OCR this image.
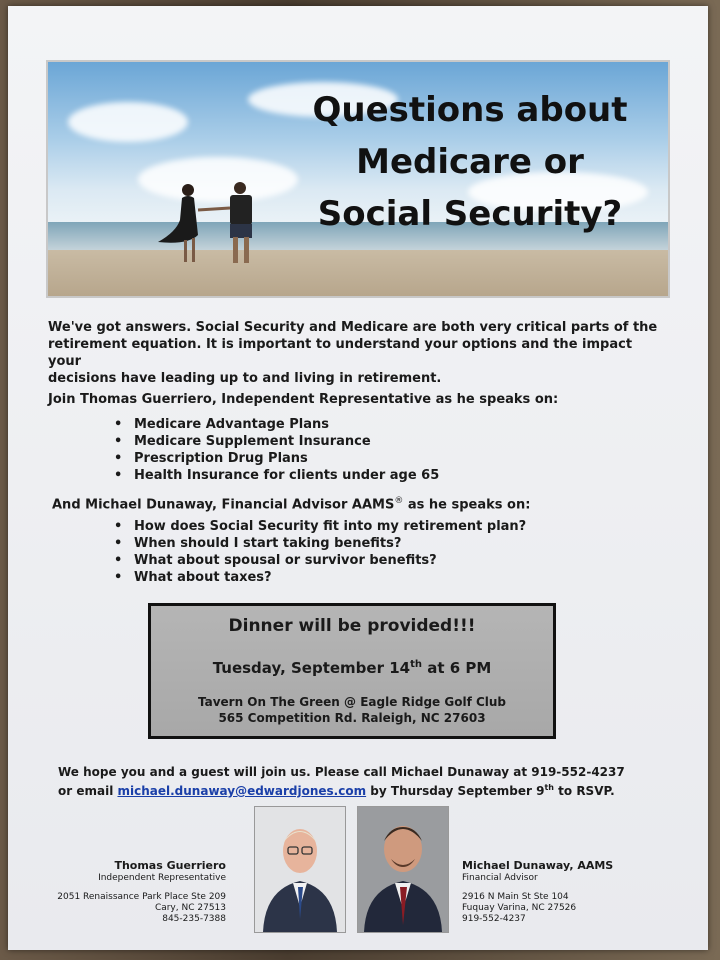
Questions about
Medicare or
Social Security?
We've got answers. Social Security and Medicare are both very critical parts of the
retirement equation. It is important to understand your options and the impact your
decisions have leading up to and living in retirement.
Join Thomas Guerriero, Independent Representative as he speaks on:
• Medicare Advantage Plans
• Medicare Supplement Insurance
• Prescription Drug Plans
• Health Insurance for clients under age 65
And Michael Dunaway, Financial Advisor AAMS® as he speaks on:
• How does Social Security fit into my retirement plan?
• When should I start taking benefits?
• What about spousal or survivor benefits?
• What about taxes?
Dinner will be provided!!!
Tuesday, September 14th at 6 PM
Tavern On The Green @ Eagle Ridge Golf Club
565 Competition Rd. Raleigh, NC 27603
We hope you and a guest will join us. Please call Michael Dunaway at 919-552-4237
or email michael.dunaway@edwardjones.com by Thursday September 9th to RSVP.
Thomas Guerriero
Independent Representative
2051 Renaissance Park Place Ste 209
Cary, NC 27513
845-235-7388
Michael Dunaway, AAMS
Financial Advisor
2916 N Main St Ste 104
Fuquay Varina, NC 27526
919-552-4237
